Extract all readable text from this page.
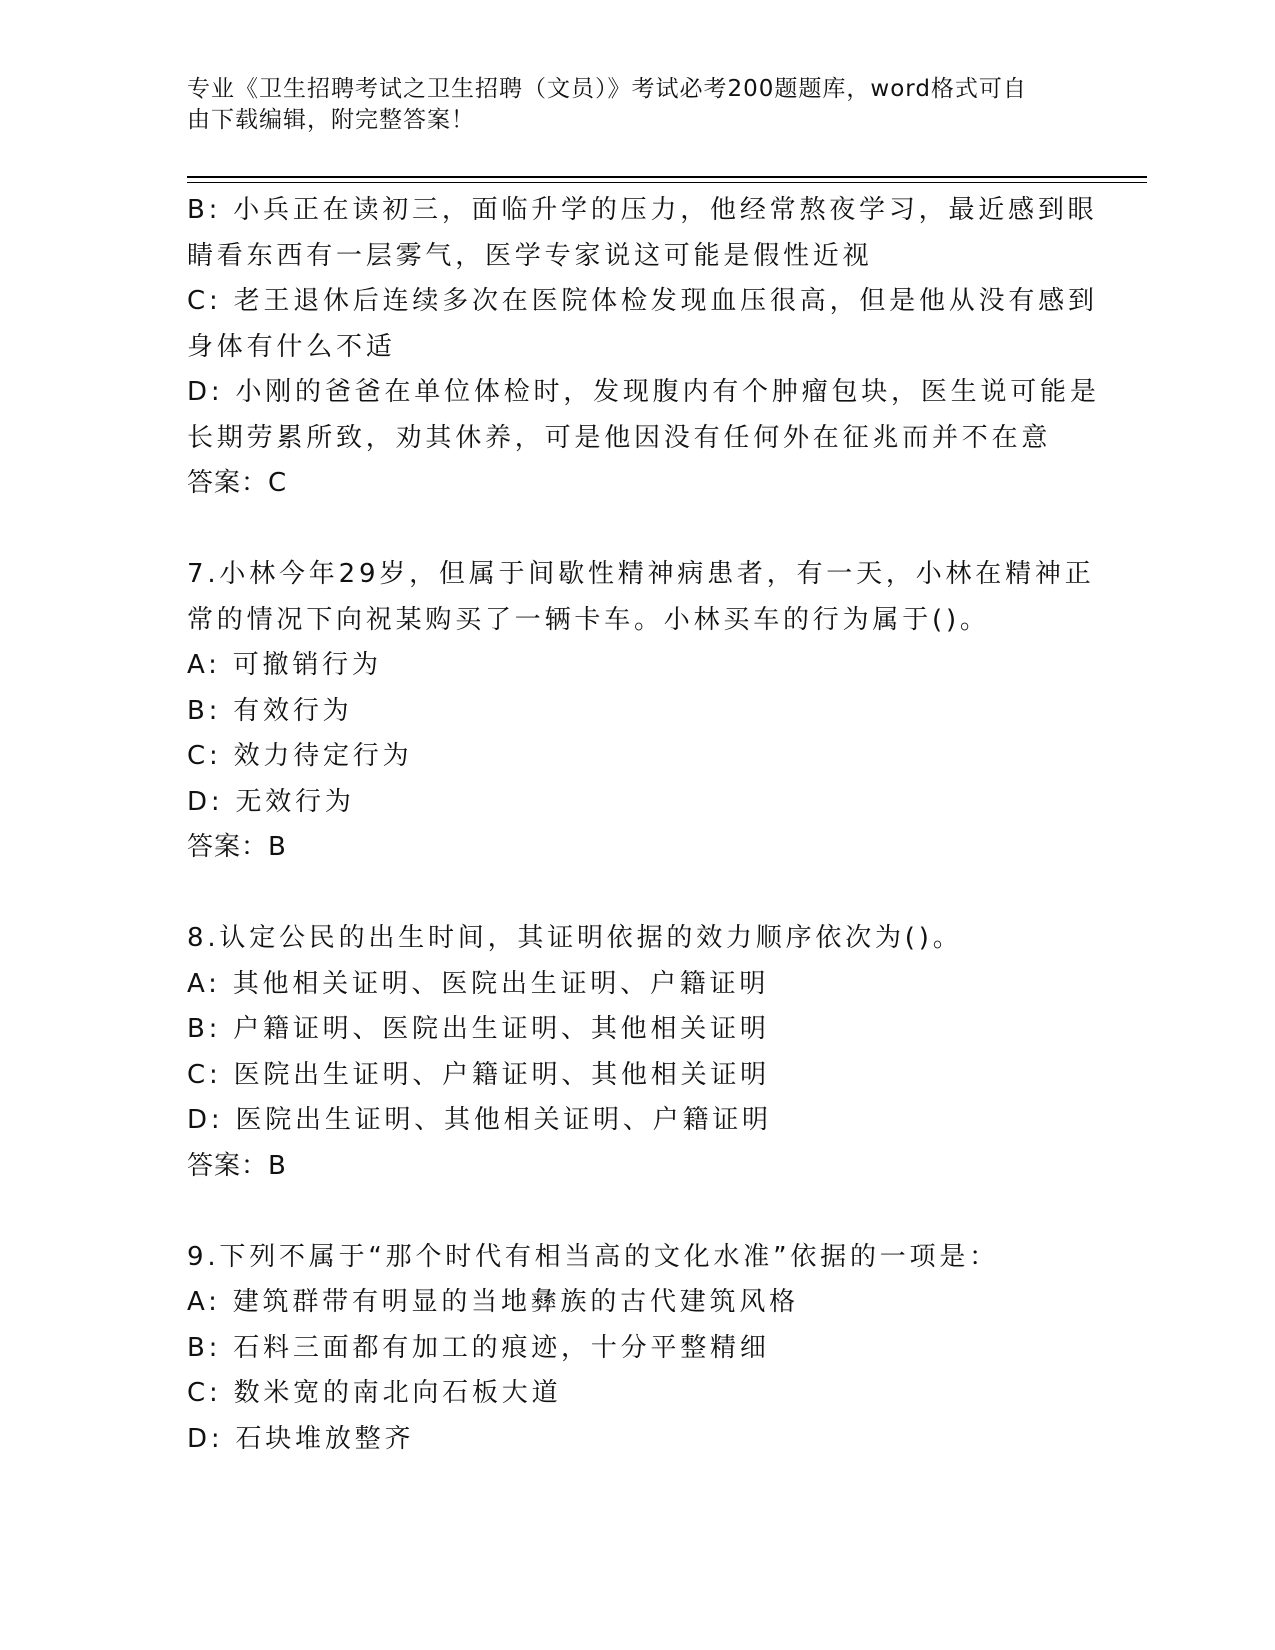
专业《卫生招聘考试之卫生招聘（文员）》考试必考200题题库，word格式可自
由下载编辑，附完整答案！
B: 小兵正在读初三，面临升学的压力，他经常熬夜学习，最近感到眼
睛看东西有一层雾气，医学专家说这可能是假性近视
C: 老王退休后连续多次在医院体检发现血压很高，但是他从没有感到
身体有什么不适
D: 小刚的爸爸在单位体检时，发现腹内有个肿瘤包块，医生说可能是
长期劳累所致，劝其休养，可是他因没有任何外在征兆而并不在意
答案：C
7.小林今年29岁，但属于间歇性精神病患者，有一天，小林在精神正
常的情况下向祝某购买了一辆卡车。小林买车的行为属于()。
A: 可撤销行为
B: 有效行为
C: 效力待定行为
D: 无效行为
答案：B
8.认定公民的出生时间，其证明依据的效力顺序依次为()。
A: 其他相关证明、医院出生证明、户籍证明
B: 户籍证明、医院出生证明、其他相关证明
C: 医院出生证明、户籍证明、其他相关证明
D: 医院出生证明、其他相关证明、户籍证明
答案：B
9.下列不属于“那个时代有相当高的文化水准”依据的一项是：
A: 建筑群带有明显的当地彝族的古代建筑风格
B: 石料三面都有加工的痕迹，十分平整精细
C: 数米宽的南北向石板大道
D: 石块堆放整齐
